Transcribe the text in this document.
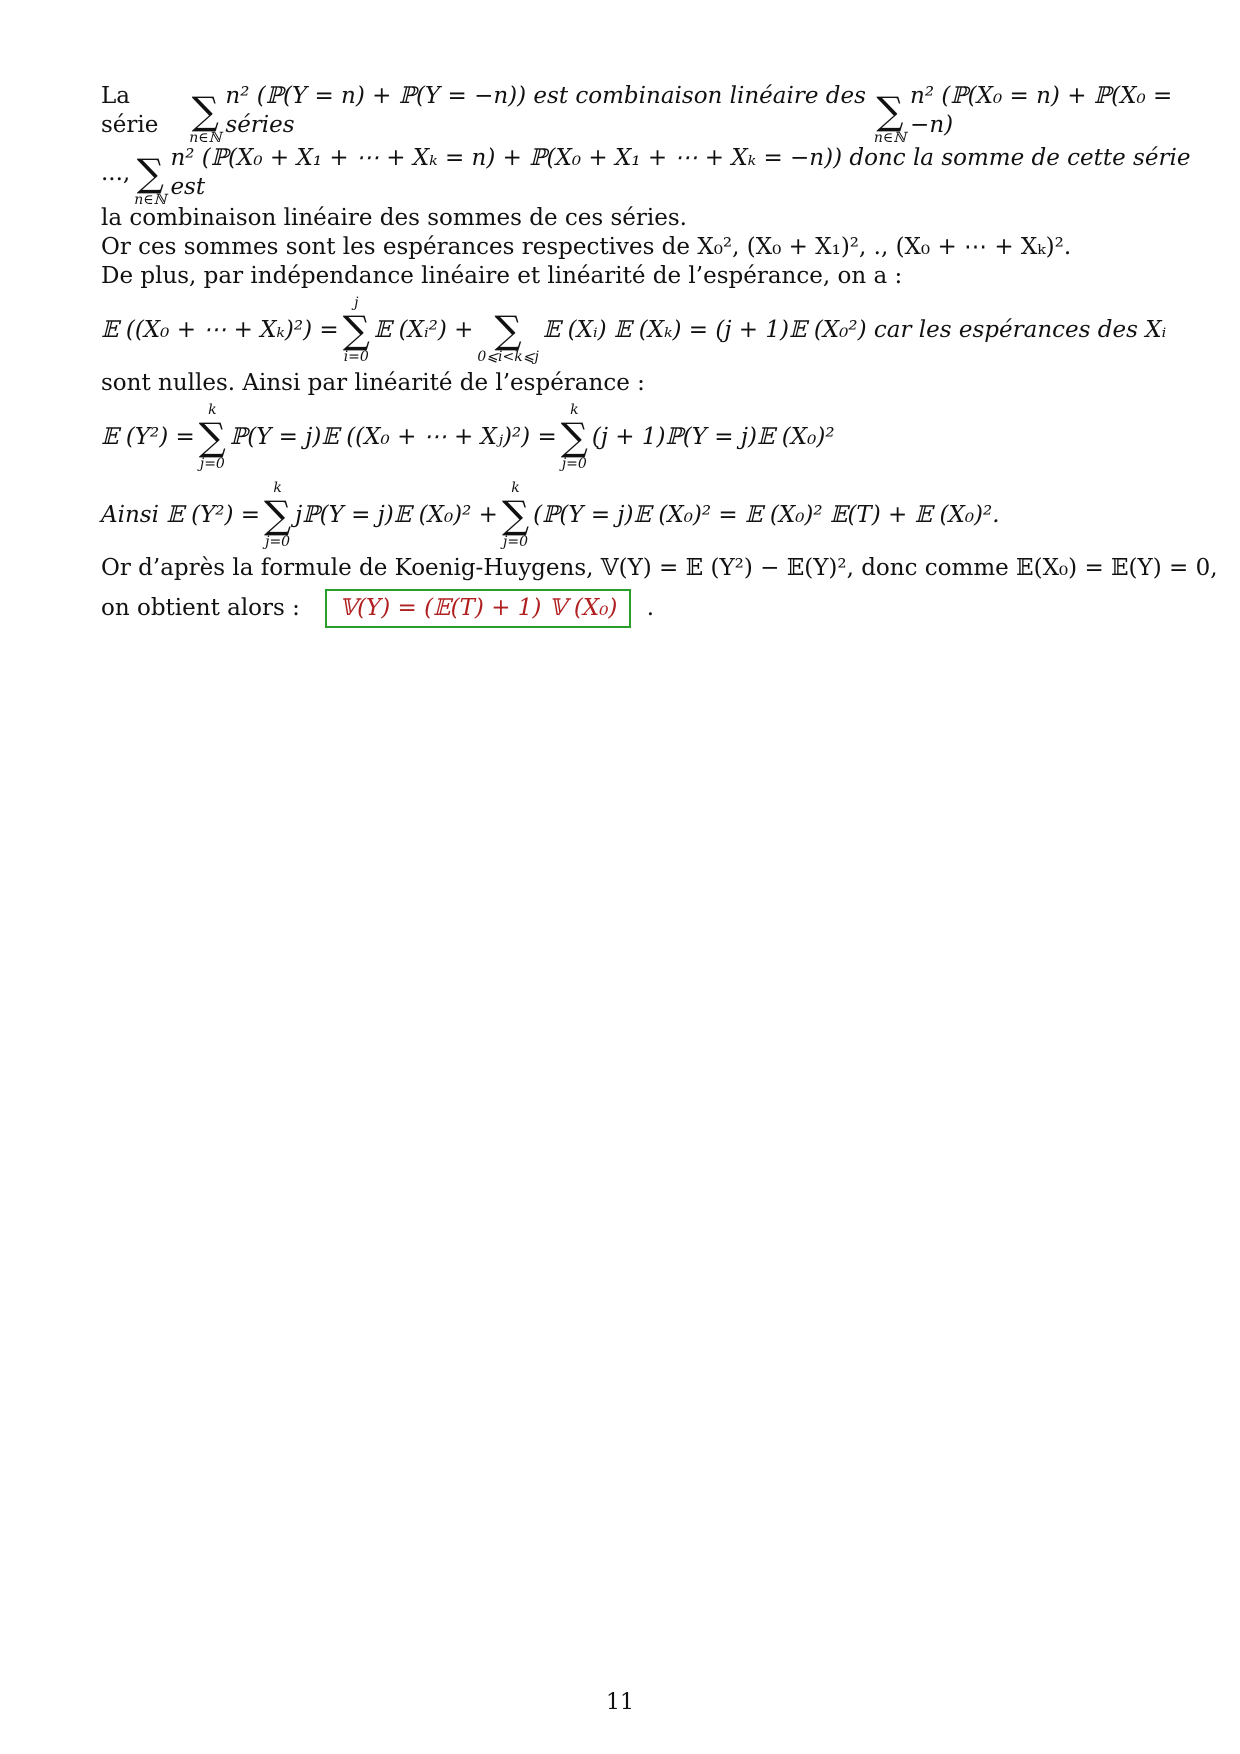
La série ∑
n∈ℕ
n² (ℙ(Y = n) + ℙ(Y = −n)) est combinaison linéaire des séries	∑
n∈ℕ
n² (ℙ(X₀ = n) + ℙ(X₀ = −n)
..., ∑
n∈ℕ
n² (ℙ(X₀ + X₁ + ⋯ + Xₖ = n) + ℙ(X₀ + X₁ + ⋯ + Xₖ = −n)) donc la somme de cette série est
la combinaison linéaire des sommes de ces séries.
Or ces sommes sont les espérances respectives de X₀², (X₀ + X₁)², ., (X₀ + ⋯ + Xₖ)².
De plus, par indépendance linéaire et linéarité de l’espérance, on a :
𝔼 ((X₀ + ⋯ + Xₖ)²) =
j
∑
i=0
𝔼 (Xᵢ²) + ∑
0⩽i<k⩽j
𝔼 (Xᵢ) 𝔼 (Xₖ) = (j + 1)𝔼 (X₀²) car les espérances des Xᵢ
sont nulles. Ainsi par linéarité de l’espérance :
𝔼 (Y²) =
k
∑
j=0
ℙ(Y = j)𝔼 ((X₀ + ⋯ + Xⱼ)²) =
k
∑
j=0
(j + 1)ℙ(Y = j)𝔼 (X₀)²
Ainsi 𝔼 (Y²) =
k
∑
j=0
jℙ(Y = j)𝔼 (X₀)² +
k
∑
j=0
(ℙ(Y = j)𝔼 (X₀)² = 𝔼 (X₀)² 𝔼(T) + 𝔼 (X₀)².
Or d’après la formule de Koenig-Huygens, 𝕍(Y) = 𝔼 (Y²) − 𝔼(Y)², donc comme 𝔼(X₀) = 𝔼(Y) = 0,
on obtient alors : 𝕍(Y) = (𝔼(T) + 1) 𝕍 (X₀) .
11
